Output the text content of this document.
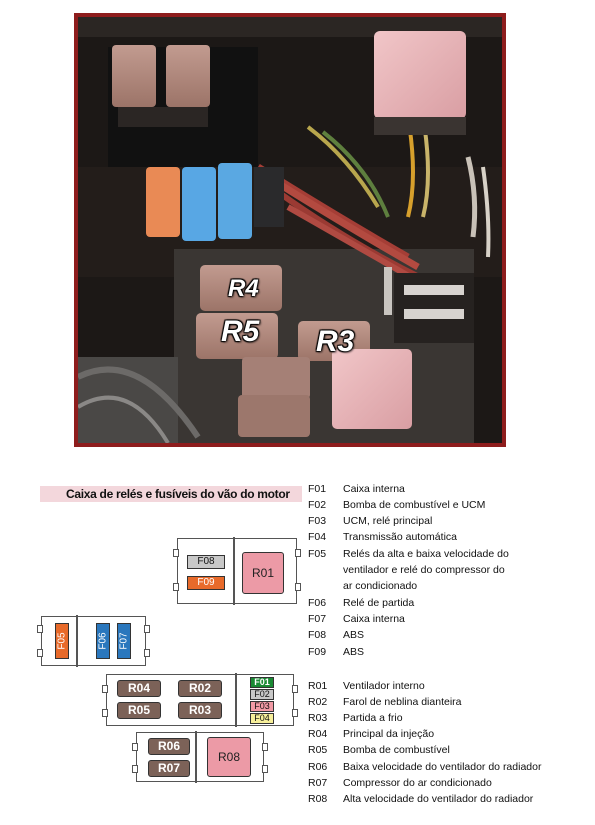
R4
R5 R3
Caixa de relés e fusíveis do vão do motor
F08
F09
R01
F05	F06 F07
R04	R02
R05	R03
F01
F02
F03
F04
R06
R07
R08
F01 Caixa interna
F02 Bomba de combustível e UCM
F03 UCM, relé principal
F04 Transmissão automática
F05 Relés da alta e baixa velocidade do
ventilador e relé do compressor do
ar condicionado
F06 Relé de partida
F07 Caixa interna
F08 ABS
F09 ABS
R01 Ventilador interno
R02 Farol de neblina dianteira
R03 Partida a frio
R04 Principal da injeção
R05 Bomba de combustível
R06 Baixa velocidade do ventilador do radiador
R07 Compressor do ar condicionado
R08 Alta velocidade do ventilador do radiador
